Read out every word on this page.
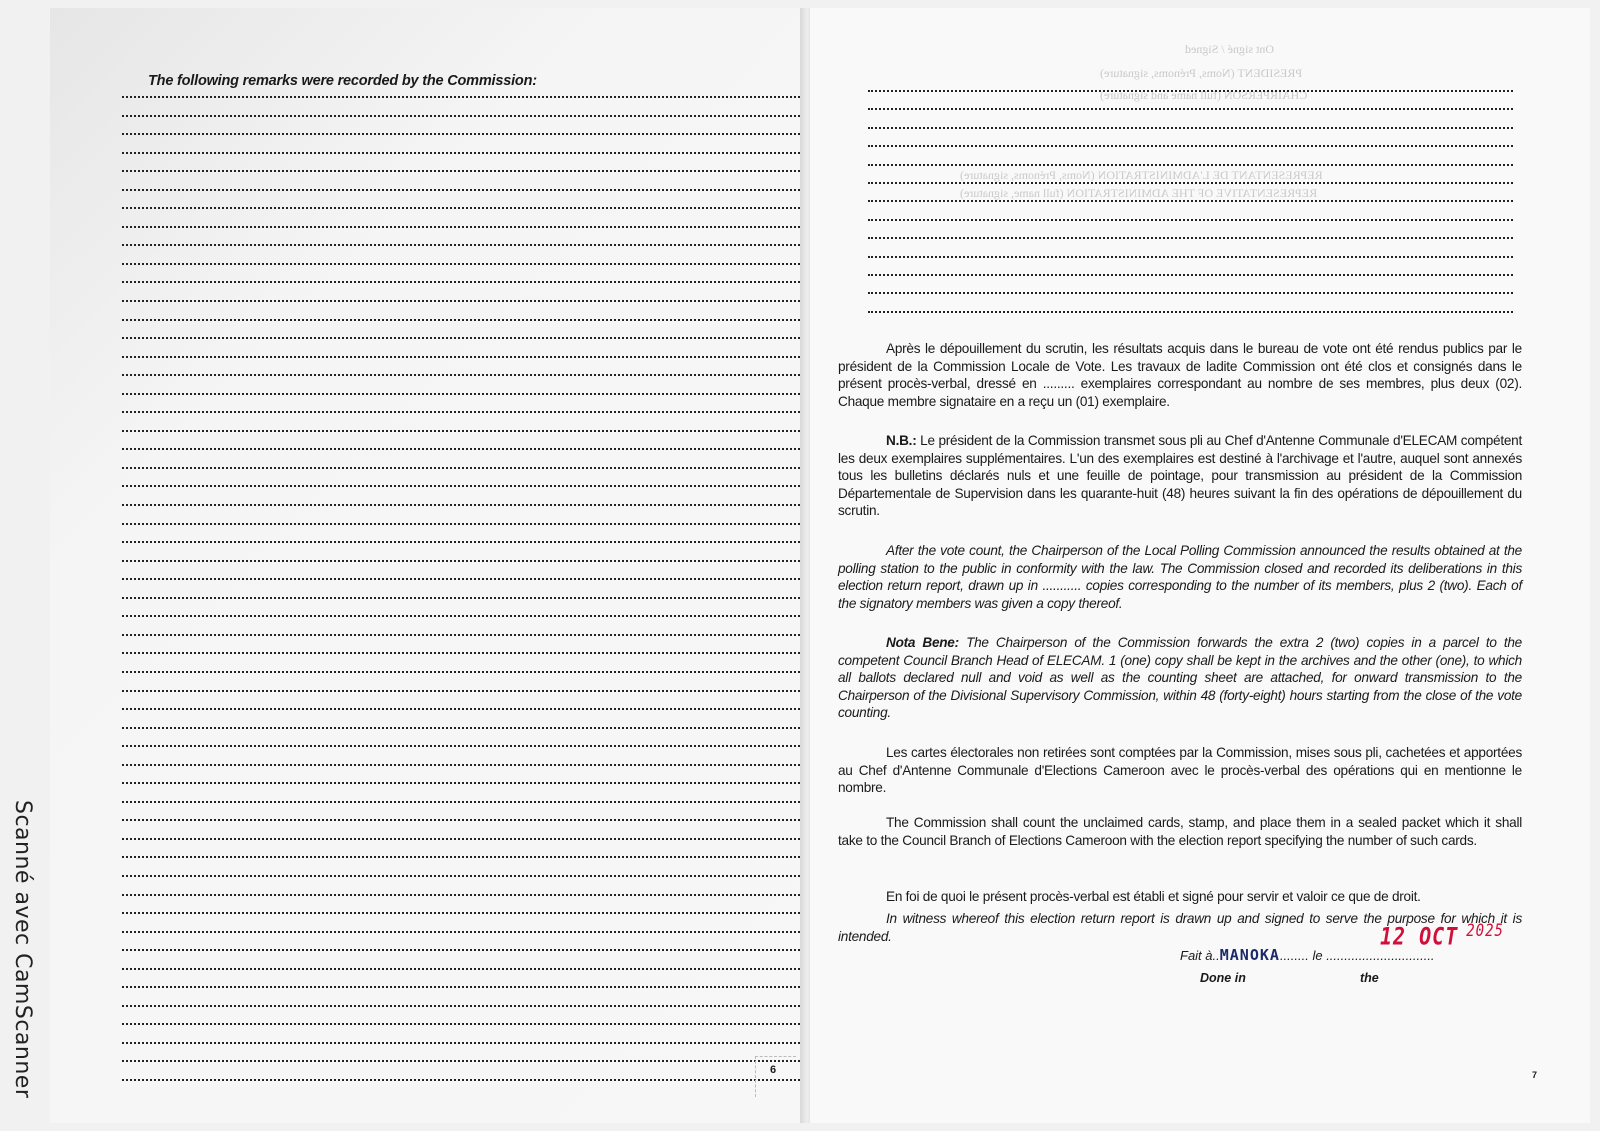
Scanné avec CamScanner
The following remarks were recorded by the Commission:
6
Ont signé / Signed
PRESIDENT (Noms, Prénoms, signature)
CHAIRPERSON (full name and signature)
REPRESENTANT DE L'ADMINISTRATION (Noms, Prénoms, signature)
REPRESENTATIVE OF THE ADMINISTRATION (full name, signature)

Après le dépouillement du scrutin, les résultats acquis dans le bureau de vote ont été rendus publics par le président de la Commission Locale de Vote. Les travaux de ladite Commission ont été clos et consignés dans le présent procès-verbal, dressé en ......... exemplaires correspondant au nombre de ses membres, plus deux (02). Chaque membre signataire en a reçu un (01) exemplaire.

N.B.: Le président de la Commission transmet sous pli au Chef d'Antenne Communale d'ELECAM compétent les deux exemplaires supplémentaires. L'un des exemplaires est destiné à l'archivage et l'autre, auquel sont annexés tous les bulletins déclarés nuls et une feuille de pointage, pour transmission au président de la Commission Départementale de Supervision dans les quarante-huit (48) heures suivant la fin des opérations de dépouillement du scrutin.

After the vote count, the Chairperson of the Local Polling Commission announced the results obtained at the polling station to the public in conformity with the law. The Commission closed and recorded its deliberations in this election return report, drawn up in ........... copies corresponding to the number of its members, plus 2 (two). Each of the signatory members was given a copy thereof.

Nota Bene: The Chairperson of the Commission forwards the extra 2 (two) copies in a parcel to the competent Council Branch Head of ELECAM. 1 (one) copy shall be kept in the archives and the other (one), to which all ballots declared null and void as well as the counting sheet are attached, for onward transmission to the Chairperson of the Divisional Supervisory Commission, within 48 (forty-eight) hours starting from the close of the vote counting.

Les cartes électorales non retirées sont comptées par la Commission, mises sous pli, cachetées et apportées au Chef d'Antenne Communale d'Elections Cameroon avec le procès-verbal des opérations qui en mentionne le nombre.

The Commission shall count the unclaimed cards, stamp, and place them in a sealed packet which it shall take to the Council Branch of Elections Cameroon with the election report specifying the number of such cards.

En foi de quoi le présent procès-verbal est établi et signé pour servir et valoir ce que de droit.

In witness whereof this election return report is drawn up and signed to serve the purpose for which it is intended.	12 OCT $^{2025}$
Fait à..MANOKA........ le ..............................
Done in	the
7
